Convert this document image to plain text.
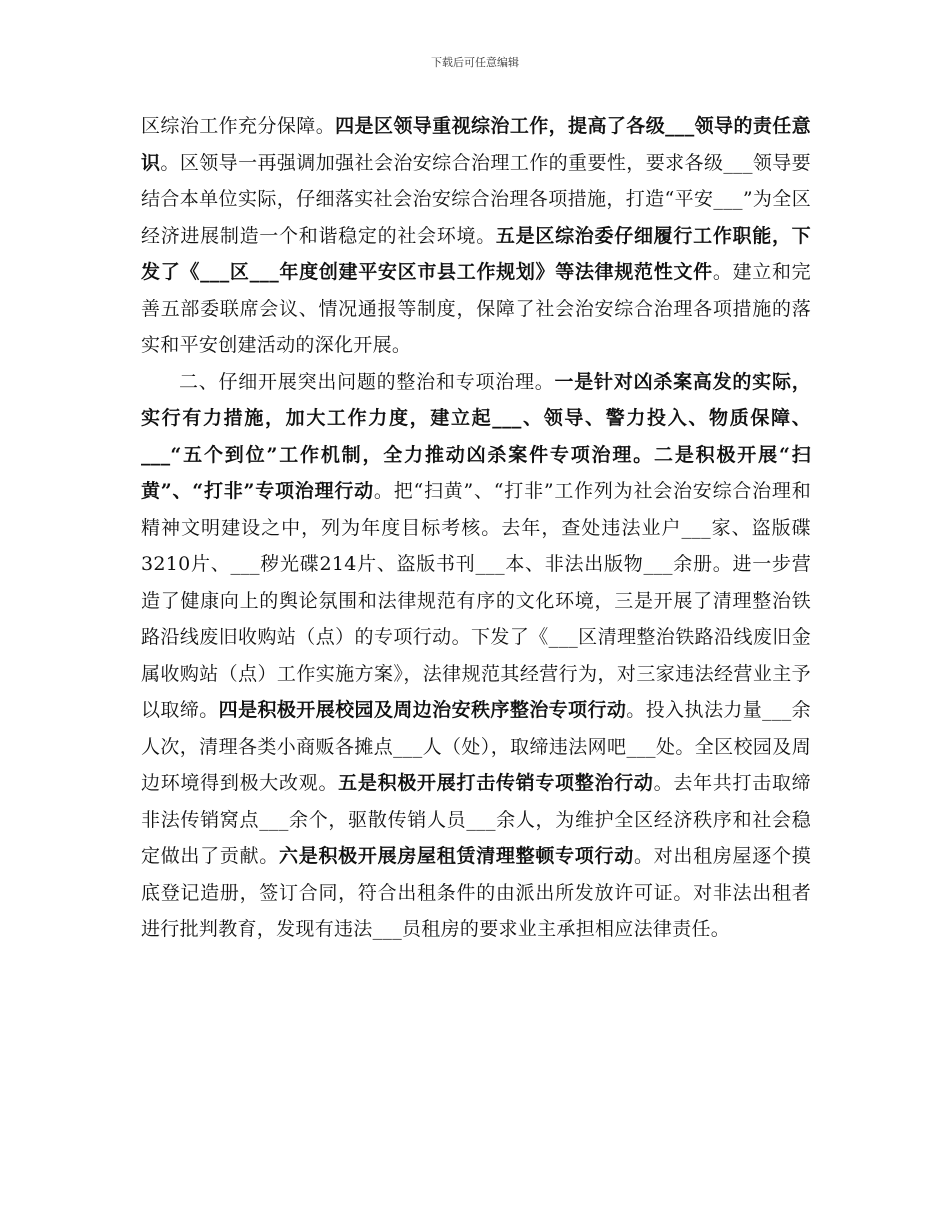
下载后可任意编辑

区综治工作充分保障。四是区领导重视综治工作，提高了各级___领导的责任意识。区领导一再强调加强社会治安综合治理工作的重要性，要求各级___领导要结合本单位实际，仔细落实社会治安综合治理各项措施，打造“平安___”为全区经济进展制造一个和谐稳定的社会环境。五是区综治委仔细履行工作职能，下发了《___区___年度创建平安区市县工作规划》等法律规范性文件。建立和完善五部委联席会议、情况通报等制度，保障了社会治安综合治理各项措施的落实和平安创建活动的深化开展。

二、仔细开展突出问题的整治和专项治理。一是针对凶杀案高发的实际，实行有力措施，加大工作力度，建立起___、领导、警力投入、物质保障、___“五个到位”工作机制，全力推动凶杀案件专项治理。二是积极开展“扫黄”、“打非”专项治理行动。把“扫黄”、“打非”工作列为社会治安综合治理和精神文明建设之中，列为年度目标考核。去年，查处违法业户___家、盗版碟3210片、___秽光碟214片、盗版书刊___本、非法出版物___余册。进一步营造了健康向上的舆论氛围和法律规范有序的文化环境，三是开展了清理整治铁路沿线废旧收购站（点）的专项行动。下发了《___区清理整治铁路沿线废旧金属收购站（点）工作实施方案》，法律规范其经营行为，对三家违法经营业主予以取缔。四是积极开展校园及周边治安秩序整治专项行动。投入执法力量___余人次，清理各类小商贩各摊点___人（处），取缔违法网吧___处。全区校园及周边环境得到极大改观。五是积极开展打击传销专项整治行动。去年共打击取缔非法传销窝点___余个，驱散传销人员___余人，为维护全区经济秩序和社会稳定做出了贡献。六是积极开展房屋租赁清理整顿专项行动。对出租房屋逐个摸底登记造册，签订合同，符合出租条件的由派出所发放许可证。对非法出租者进行批判教育，发现有违法___员租房的要求业主承担相应法律责任。
